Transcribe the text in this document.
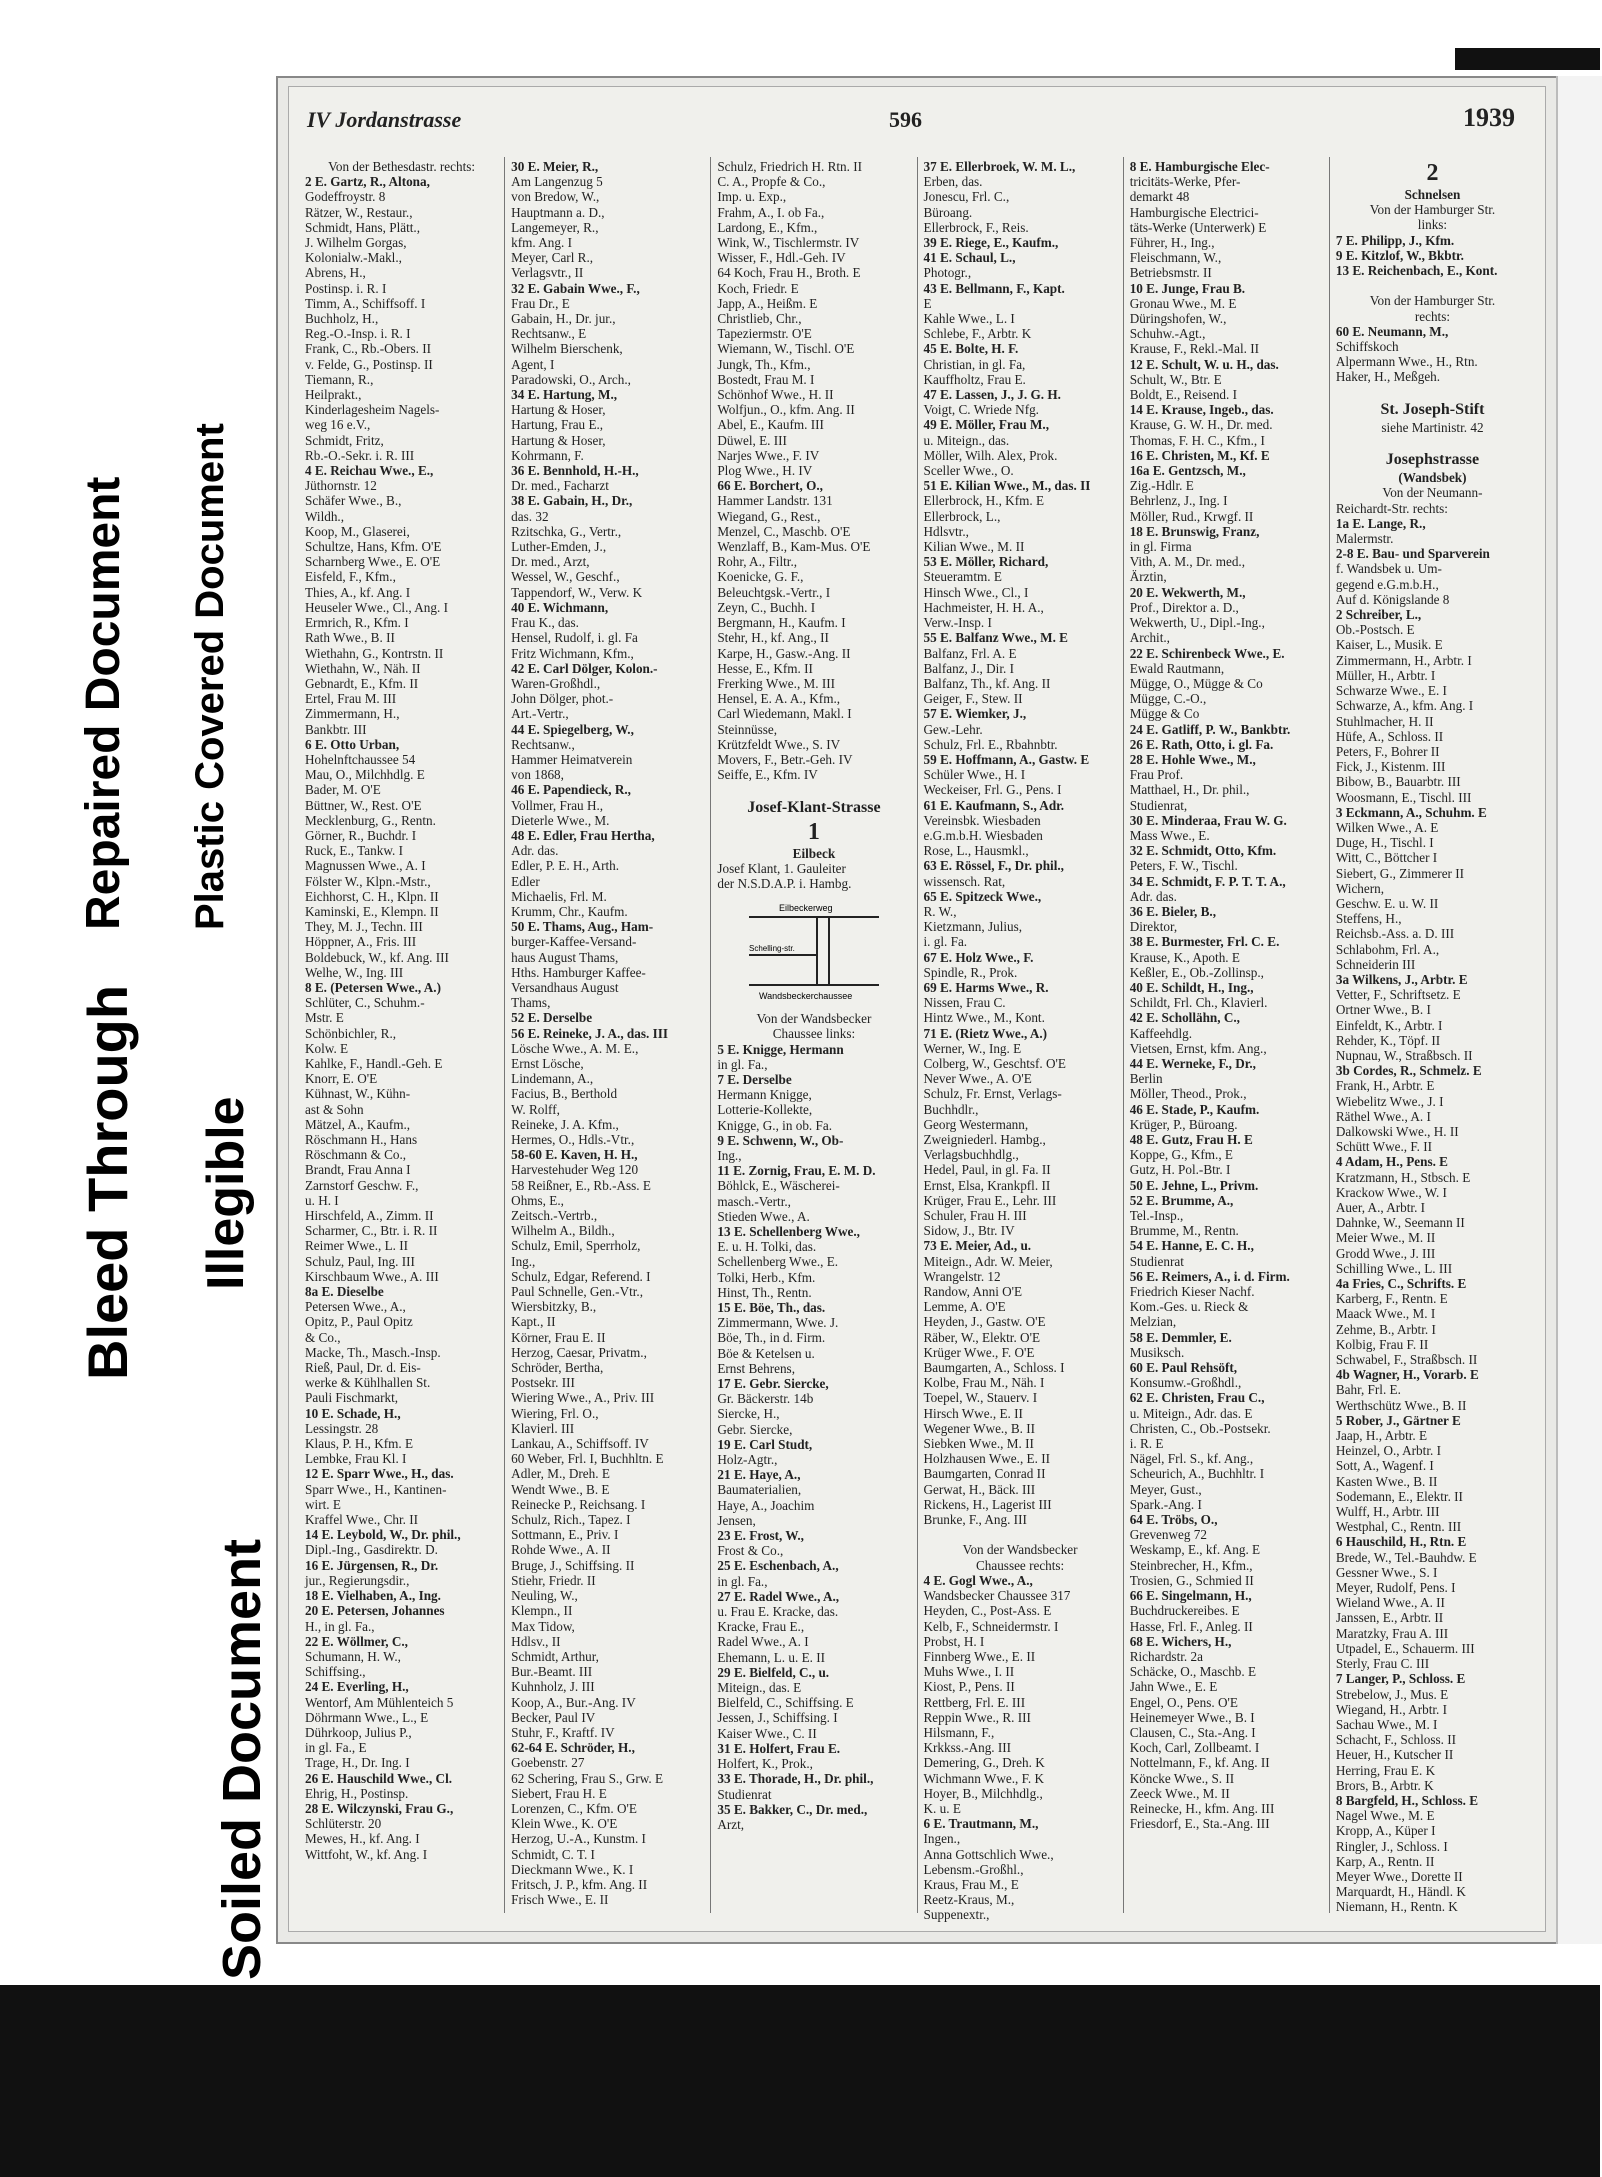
Bleed Through
Repaired Document Plastic Covered Document
Illegible
Soiled Document
IV Jordanstrasse	596	1939
Von der Bethesdastr. rechts:
2 E. Gartz, R., Altona,
Godeffroystr. 8
Rätzer, W., Restaur.,
Schmidt, Hans, Plätt.,
J. Wilhelm Gorgas,
Kolonialw.-Makl.,
Abrens, H.,
Postinsp. i. R. I
Timm, A., Schiffsoff. I
Buchholz, H.,
Reg.-O.-Insp. i. R. I
Frank, C., Rb.-Obers. II
v. Felde, G., Postinsp. II
Tiemann, R.,
Heilprakt.,
Kinderlagesheim Nagels-
weg 16 e.V.,
Schmidt, Fritz,
Rb.-O.-Sekr. i. R. III
4 E. Reichau Wwe., E.,
Jüthornstr. 12
Schäfer Wwe., B.,
Wildh.,
Koop, M., Glaserei,
Schultze, Hans, Kfm. O'E
Scharnberg Wwe., E. O'E
Eisfeld, F., Kfm.,
Thies, A., kf. Ang. I
Heuseler Wwe., Cl., Ang. I
Ermrich, R., Kfm. I
Rath Wwe., B. II
Wiethahn, G., Kontrstn. II
Wiethahn, W., Näh. II
Gebnardt, E., Kfm. II
Ertel, Frau M. III
Zimmermann, H.,
Bankbtr. III
6 E. Otto Urban,
Hohelnftchaussee 54
Mau, O., Milchhdlg. E
Bader, M. O'E
Büttner, W., Rest. O'E
Mecklenburg, G., Rentn.
Görner, R., Buchdr. I
Ruck, E., Tankw. I
Magnussen Wwe., A. I
Fölster W., Klpn.-Mstr.,
Eichhorst, C. H., Klpn. II
Kaminski, E., Klempn. II
They, M. J., Techn. III
Höppner, A., Fris. III
Boldebuck, W., kf. Ang. III
Welhe, W., Ing. III
8 E. (Petersen Wwe., A.)
Schlüter, C., Schuhm.-
Mstr. E
Schönbichler, R.,
Kolw. E
Kahlke, F., Handl.-Geh. E
Knorr, E. O'E
Kühnast, W., Kühn-
ast & Sohn
Mätzel, A., Kaufm.,
Röschmann H., Hans
Röschmann & Co.,
Brandt, Frau Anna I
Zarnstorf Geschw. F.,
u. H. I
Hirschfeld, A., Zimm. II
Scharmer, C., Btr. i. R. II
Reimer Wwe., L. II
Schulz, Paul, Ing. III
Kirschbaum Wwe., A. III
8a E. Dieselbe
Petersen Wwe., A.,
Opitz, P., Paul Opitz
& Co.,
Macke, Th., Masch.-Insp.
Rieß, Paul, Dr. d. Eis-
werke & Kühlhallen St.
Pauli Fischmarkt,
10 E. Schade, H.,
Lessingstr. 28
Klaus, P. H., Kfm. E
Lembke, Frau Kl. I
12 E. Sparr Wwe., H., das.
Sparr Wwe., H., Kantinen-
wirt. E
Kraffel Wwe., Chr. II
14 E. Leybold, W., Dr. phil.,
Dipl.-Ing., Gasdirektr. D.
16 E. Jürgensen, R., Dr.
jur., Regierungsdir.,
18 E. Vielhaben, A., Ing.
20 E. Petersen, Johannes
H., in gl. Fa.,
22 E. Wöllmer, C.,
Schumann, H. W.,
Schiffsing.,
24 E. Everling, H.,
Wentorf, Am Mühlenteich 5
Döhrmann Wwe., L., E
Dührkoop, Julius P.,
in gl. Fa., E
Trage, H., Dr. Ing. I
26 E. Hauschild Wwe., Cl.
Ehrig, H., Postinsp.
28 E. Wilczynski, Frau G.,
Schlüterstr. 20
Mewes, H., kf. Ang. I
Wittfoht, W., kf. Ang. I
30 E. Meier, R.,
Am Langenzug 5
von Bredow, W.,
Hauptmann a. D.,
Langemeyer, R.,
kfm. Ang. I
Meyer, Carl R.,
Verlagsvtr., II
32 E. Gabain Wwe., F.,
Frau Dr., E
Gabain, H., Dr. jur.,
Rechtsanw., E
Wilhelm Bierschenk,
Agent, I
Paradowski, O., Arch.,
34 E. Hartung, M.,
Hartung & Hoser,
Hartung, Frau E.,
Hartung & Hoser,
Kohrmann, F.
36 E. Bennhold, H.-H.,
Dr. med., Facharzt
38 E. Gabain, H., Dr.,
das. 32
Rzitschka, G., Vertr.,
Luther-Emden, J.,
Dr. med., Arzt,
Wessel, W., Geschf.,
Tappendorf, W., Verw. K
40 E. Wichmann,
Frau K., das.
Hensel, Rudolf, i. gl. Fa
Fritz Wichmann, Kfm.,
42 E. Carl Dölger, Kolon.-
Waren-Großhdl.,
John Dölger, phot.-
Art.-Vertr.,
44 E. Spiegelberg, W.,
Rechtsanw.,
Hammer Heimatverein
von 1868,
46 E. Papendieck, R.,
Vollmer, Frau H.,
Dieterle Wwe., M.
48 E. Edler, Frau Hertha,
Adr. das.
Edler, P. E. H., Arth.
Edler
Michaelis, Frl. M.
Krumm, Chr., Kaufm.
50 E. Thams, Aug., Ham-
burger-Kaffee-Versand-
haus August Thams,
Hths. Hamburger Kaffee-
Versandhaus August
Thams,
52 E. Derselbe
56 E. Reineke, J. A., das. III
Lösche Wwe., A. M. E.,
Ernst Lösche,
Lindemann, A.,
Facius, B., Berthold
W. Rolff,
Reineke, J. A. Kfm.,
Hermes, O., Hdls.-Vtr.,
58-60 E. Kaven, H. H.,
Harvestehuder Weg 120
58 Reißner, E., Rb.-Ass. E
Ohms, E.,
Zeitsch.-Vertrb.,
Wilhelm A., Bildh.,
Schulz, Emil, Sperrholz,
Ing.,
Schulz, Edgar, Referend. I
Paul Schnelle, Gen.-Vtr.,
Wiersbitzky, B.,
Kapt., II
Körner, Frau E. II
Herzog, Caesar, Privatm.,
Schröder, Bertha,
Postsekr. III
Wiering Wwe., A., Priv. III
Wiering, Frl. O.,
Klavierl. III
Lankau, A., Schiffsoff. IV
60 Weber, Frl. I, Buchhltn. E
Adler, M., Dreh. E
Wendt Wwe., B. E
Reinecke P., Reichsang. I
Schulz, Rich., Tapez. I
Sottmann, E., Priv. I
Rohde Wwe., A. II
Bruge, J., Schiffsing. II
Stiehr, Friedr. II
Neuling, W.,
Klempn., II
Max Tidow,
Hdlsv., II
Schmidt, Arthur,
Bur.-Beamt. III
Kuhnholz, J. III
Koop, A., Bur.-Ang. IV
Becker, Paul IV
Stuhr, F., Kraftf. IV
62-64 E. Schröder, H.,
Goebenstr. 27
62 Schering, Frau S., Grw. E
Siebert, Frau H. E
Lorenzen, C., Kfm. O'E
Klein Wwe., K. O'E
Herzog, U.-A., Kunstm. I
Schmidt, C. T. I
Dieckmann Wwe., K. I
Fritsch, J. P., kfm. Ang. II
Frisch Wwe., E. II
Schulz, Friedrich H. Rtn. II
C. A., Propfe & Co.,
Imp. u. Exp.,
Frahm, A., I. ob Fa.,
Lardong, E., Kfm.,
Wink, W., Tischlermstr. IV
Wisser, F., Hdl.-Geh. IV
64 Koch, Frau H., Broth. E
Koch, Friedr. E
Japp, A., Heißm. E
Christlieb, Chr.,
Tapeziermstr. O'E
Wiemann, W., Tischl. O'E
Jungk, Th., Kfm.,
Bostedt, Frau M. I
Schönhof Wwe., H. II
Wolfjun., O., kfm. Ang. II
Abel, E., Kaufm. III
Düwel, E. III
Narjes Wwe., F. IV
Plog Wwe., H. IV
66 E. Borchert, O.,
Hammer Landstr. 131
Wiegand, G., Rest.,
Menzel, C., Maschb. O'E
Wenzlaff, B., Kam-Mus. O'E
Rohr, A., Filtr.,
Koenicke, G. F.,
Beleuchtgsk.-Vertr., I
Zeyn, C., Buchh. I
Bergmann, H., Kaufm. I
Stehr, H., kf. Ang., II
Karpe, H., Gasw.-Ang. II
Hesse, E., Kfm. II
Frerking Wwe., M. III
Hensel, E. A. A., Kfm.,
Carl Wiedemann, Makl. I
Steinnüsse,
Krützfeldt Wwe., S. IV
Movers, F., Betr.-Geh. IV
Seiffe, E., Kfm. IV

Josef-Klant-Strasse
1
Eilbeck
Josef Klant, 1. Gauleiter
der N.S.D.A.P. i. Hambg.
Eilbeckerweg
Schelling-str.
Wandsbeckerchaussee
Von der Wandsbecker
Chaussee links:
5 E. Knigge, Hermann
in gl. Fa.,
7 E. Derselbe
Hermann Knigge,
Lotterie-Kollekte,
Knigge, G., in ob. Fa.
9 E. Schwenn, W., Ob-
Ing.,
11 E. Zornig, Frau, E. M. D.
Böhlck, E., Wäscherei-
masch.-Vertr.,
Stieden Wwe., A.
13 E. Schellenberg Wwe.,
E. u. H. Tolki, das.
Schellenberg Wwe., E.
Tolki, Herb., Kfm.
Hinst, Th., Rentn.
15 E. Böe, Th., das.
Zimmermann, Wwe. J.
Böe, Th., in d. Firm.
Böe & Ketelsen u.
Ernst Behrens,
17 E. Gebr. Siercke,
Gr. Bäckerstr. 14b
Siercke, H.,
Gebr. Siercke,
19 E. Carl Studt,
Holz-Agtr.,
21 E. Haye, A.,
Baumaterialien,
Haye, A., Joachim
Jensen,
23 E. Frost, W.,
Frost & Co.,
25 E. Eschenbach, A.,
in gl. Fa.,
27 E. Radel Wwe., A.,
u. Frau E. Kracke, das.
Kracke, Frau E.,
Radel Wwe., A. I
Ehemann, L. u. E. II
29 E. Bielfeld, C., u.
Miteign., das. E
Bielfeld, C., Schiffsing. E
Jessen, J., Schiffsing. I
Kaiser Wwe., C. II
31 E. Holfert, Frau E.
Holfert, K., Prok.,
33 E. Thorade, H., Dr. phil.,
Studienrat
35 E. Bakker, C., Dr. med.,
Arzt,
37 E. Ellerbroek, W. M. L.,
Erben, das.
Jonescu, Frl. C.,
Büroang.
Ellerbrock, F., Reis.
39 E. Riege, E., Kaufm.,
41 E. Schaul, L.,
Photogr.,
43 E. Bellmann, F., Kapt.
E
Kahle Wwe., L. I
Schlebe, F., Arbtr. K
45 E. Bolte, H. F.
Christian, in gl. Fa,
Kauffholtz, Frau E.
47 E. Lassen, J., J. G. H.
Voigt, C. Wriede Nfg.
49 E. Möller, Frau M.,
u. Miteign., das.
Möller, Wilh. Alex, Prok.
Sceller Wwe., O.
51 E. Kilian Wwe., M., das. II
Ellerbrock, H., Kfm. E
Ellerbrock, L.,
Hdlsvtr.,
Kilian Wwe., M. II
53 E. Möller, Richard,
Steueramtm. E
Hinsch Wwe., Cl., I
Hachmeister, H. H. A.,
Verw.-Insp. I
55 E. Balfanz Wwe., M. E
Balfanz, Frl. A. E
Balfanz, J., Dir. I
Balfanz, Th., kf. Ang. II
Geiger, F., Stew. II
57 E. Wiemker, J.,
Gew.-Lehr.
Schulz, Frl. E., Rbahnbtr.
59 E. Hoffmann, A., Gastw. E
Schüler Wwe., H. I
Weckeiser, Frl. G., Pens. I
61 E. Kaufmann, S., Adr.
Vereinsbk. Wiesbaden
e.G.m.b.H. Wiesbaden
Rose, L., Hausmkl.,
63 E. Rössel, F., Dr. phil.,
wissensch. Rat,
65 E. Spitzeck Wwe.,
R. W.,
Kietzmann, Julius,
i. gl. Fa.
67 E. Holz Wwe., F.
Spindle, R., Prok.
69 E. Harms Wwe., R.
Nissen, Frau C.
Hintz Wwe., M., Kont.
71 E. (Rietz Wwe., A.)
Werner, W., Ing. E
Colberg, W., Geschtsf. O'E
Never Wwe., A. O'E
Schulz, Fr. Ernst, Verlags-
Buchhdlr.,
Georg Westermann,
Zweigniederl. Hambg.,
Verlagsbuchhdlg.,
Hedel, Paul, in gl. Fa. II
Ernst, Elsa, Krankpfl. II
Krüger, Frau E., Lehr. III
Schuler, Frau H. III
Sidow, J., Btr. IV
73 E. Meier, Ad., u.
Miteign., Adr. W. Meier,
Wrangelstr. 12
Randow, Anni O'E
Lemme, A. O'E
Heyden, J., Gastw. O'E
Räber, W., Elektr. O'E
Krüger Wwe., F. O'E
Baumgarten, A., Schloss. I
Kolbe, Frau M., Näh. I
Toepel, W., Stauerv. I
Hirsch Wwe., E. II
Wegener Wwe., B. II
Siebken Wwe., M. II
Holzhausen Wwe., E. II
Baumgarten, Conrad II
Gerwat, H., Bäck. III
Rickens, H., Lagerist III
Brunke, F., Ang. III

Von der Wandsbecker
Chaussee rechts:
4 E. Gogl Wwe., A.,
Wandsbecker Chaussee 317
Heyden, C., Post-Ass. E
Kelb, F., Schneidermstr. I
Probst, H. I
Finnberg Wwe., E. II
Muhs Wwe., I. II
Kiost, P., Pens. II
Rettberg, Frl. E. III
Reppin Wwe., R. III
Hilsmann, F.,
Krkkss.-Ang. III
Demering, G., Dreh. K
Wichmann Wwe., F. K
Hoyer, B., Milchhdlg.,
K. u. E
6 E. Trautmann, M.,
Ingen.,
Anna Gottschlich Wwe.,
Lebensm.-Großhl.,
Kraus, Frau M., E
Reetz-Kraus, M.,
Suppenextr.,
8 E. Hamburgische Elec-
tricitäts-Werke, Pfer-
demarkt 48
Hamburgische Electrici-
täts-Werke (Unterwerk) E
Führer, H., Ing.,
Fleischmann, W.,
Betriebsmstr. II
10 E. Junge, Frau B.
Gronau Wwe., M. E
Düringshofen, W.,
Schuhw.-Agt.,
Krause, F., Rekl.-Mal. II
12 E. Schult, W. u. H., das.
Schult, W., Btr. E
Boldt, E., Reisend. I
14 E. Krause, Ingeb., das.
Krause, G. W. H., Dr. med.
Thomas, F. H. C., Kfm., I
16 E. Christen, M., Kf. E
16a E. Gentzsch, M.,
Zig.-Hdlr. E
Behrlenz, J., Ing. I
Möller, Rud., Krwgf. II
18 E. Brunswig, Franz,
in gl. Firma
Vith, A. M., Dr. med.,
Ärztin,
20 E. Wekwerth, M.,
Prof., Direktor a. D.,
Wekwerth, U., Dipl.-Ing.,
Archit.,
22 E. Schirenbeck Wwe., E.
Ewald Rautmann,
Mügge, O., Mügge & Co
Mügge, C.-O.,
Mügge & Co
24 E. Gatliff, P. W., Bankbtr.
26 E. Rath, Otto, i. gl. Fa.
28 E. Hohle Wwe., M.,
Frau Prof.
Matthael, H., Dr. phil.,
Studienrat,
30 E. Minderaa, Frau W. G.
Mass Wwe., E.
32 E. Schmidt, Otto, Kfm.
Peters, F. W., Tischl.
34 E. Schmidt, F. P. T. T. A.,
Adr. das.
36 E. Bieler, B.,
Direktor,
38 E. Burmester, Frl. C. E.
Krause, K., Apoth. E
Keßler, E., Ob.-Zollinsp.,
40 E. Schildt, H., Ing.,
Schildt, Frl. Ch., Klavierl.
42 E. Schollähn, C.,
Kaffeehdlg.
Vietsen, Ernst, kfm. Ang.,
44 E. Werneke, F., Dr.,
Berlin
Möller, Theod., Prok.,
46 E. Stade, P., Kaufm.
Krüger, P., Büroang.
48 E. Gutz, Frau H. E
Koppe, G., Kfm., E
Gutz, H. Pol.-Btr. I
50 E. Jehne, L., Privm.
52 E. Brumme, A.,
Tel.-Insp.,
Brumme, M., Rentn.
54 E. Hanne, E. C. H.,
Studienrat
56 E. Reimers, A., i. d. Firm.
Friedrich Kieser Nachf.
Kom.-Ges. u. Rieck &
Melzian,
58 E. Demmler, E.
Musiksch.
60 E. Paul Rehsöft,
Konsumw.-Großhdl.,
62 E. Christen, Frau C.,
u. Miteign., Adr. das. E
Christen, C., Ob.-Postsekr.
i. R. E
Nägel, Frl. S., kf. Ang.,
Scheurich, A., Buchhltr. I
Meyer, Gust.,
Spark.-Ang. I
64 E. Tröbs, O.,
Grevenweg 72
Weskamp, E., kf. Ang. E
Steinbrecher, H., Kfm.,
Trosien, G., Schmied II
66 E. Singelmann, H.,
Buchdruckereibes. E
Hasse, Frl. F., Anleg. II
68 E. Wichers, H.,
Richardstr. 2a
Schäcke, O., Maschb. E
Jahn Wwe., E. E
Engel, O., Pens. O'E
Heinemeyer Wwe., B. I
Clausen, C., Sta.-Ang. I
Koch, Carl, Zollbeamt. I
Nottelmann, F., kf. Ang. II
Köncke Wwe., S. II
Zeeck Wwe., M. II
Reinecke, H., kfm. Ang. III
Friesdorf, E., Sta.-Ang. III
2
Schnelsen
Von der Hamburger Str.
links:
7 E. Philipp, J., Kfm.
9 E. Kitzlof, W., Bkbtr.
13 E. Reichenbach, E., Kont.

Von der Hamburger Str.
rechts:
60 E. Neumann, M.,
Schiffskoch
Alpermann Wwe., H., Rtn.
Haker, H., Meßgeh.

St. Joseph-Stift
siehe Martinistr. 42

Josephstrasse
(Wandsbek)
Von der Neumann-
Reichardt-Str. rechts:
1a E. Lange, R.,
Malermstr.
2-8 E. Bau- und Sparverein
f. Wandsbek u. Um-
gegend e.G.m.b.H.,
Auf d. Königslande 8
2 Schreiber, L.,
Ob.-Postsch. E
Kaiser, L., Musik. E
Zimmermann, H., Arbtr. I
Müller, H., Arbtr. I
Schwarze Wwe., E. I
Schwarze, A., kfm. Ang. I
Stuhlmacher, H. II
Hüfe, A., Schloss. II
Peters, F., Bohrer II
Fick, J., Kistenm. III
Bibow, B., Bauarbtr. III
Woosmann, E., Tischl. III
3 Eckmann, A., Schuhm. E
Wilken Wwe., A. E
Duge, H., Tischl. I
Witt, C., Böttcher I
Siebert, G., Zimmerer II
Wichern,
Geschw. E. u. W. II
Steffens, H.,
Reichsb.-Ass. a. D. III
Schlabohm, Frl. A.,
Schneiderin III
3a Wilkens, J., Arbtr. E
Vetter, F., Schriftsetz. E
Ortner Wwe., B. I
Einfeldt, K., Arbtr. I
Rehder, K., Töpf. II
Nupnau, W., Straßbsch. II
3b Cordes, R., Schmelz. E
Frank, H., Arbtr. E
Wiebelitz Wwe., J. I
Räthel Wwe., A. I
Dalkowski Wwe., H. II
Schütt Wwe., F. II
4 Adam, H., Pens. E
Kratzmann, H., Stbsch. E
Krackow Wwe., W. I
Auer, A., Arbtr. I
Dahnke, W., Seemann II
Meier Wwe., M. II
Grodd Wwe., J. III
Schilling Wwe., L. III
4a Fries, C., Schrifts. E
Karberg, F., Rentn. E
Maack Wwe., M. I
Zehme, B., Arbtr. I
Kolbig, Frau F. II
Schwabel, F., Straßbsch. II
4b Wagner, H., Vorarb. E
Bahr, Frl. E.
Werthschütz Wwe., B. II
5 Rober, J., Gärtner E
Jaap, H., Arbtr. E
Heinzel, O., Arbtr. I
Sott, A., Wagenf. I
Kasten Wwe., B. II
Sodemann, E., Elektr. II
Wulff, H., Arbtr. III
Westphal, C., Rentn. III
6 Hauschild, H., Rtn. E
Brede, W., Tel.-Bauhdw. E
Gessner Wwe., S. I
Meyer, Rudolf, Pens. I
Wieland Wwe., A. II
Janssen, E., Arbtr. II
Maratzky, Frau A. III
Utpadel, E., Schauerm. III
Sterly, Frau C. III
7 Langer, P., Schloss. E
Strebelow, J., Mus. E
Wiegand, H., Arbtr. I
Sachau Wwe., M. I
Schacht, F., Schloss. II
Heuer, H., Kutscher II
Herring, Frau E. K
Brors, B., Arbtr. K
8 Bargfeld, H., Schloss. E
Nagel Wwe., M. E
Kropp, A., Küper I
Ringler, J., Schloss. I
Karp, A., Rentn. II
Meyer Wwe., Dorette II
Marquardt, H., Händl. K
Niemann, H., Rentn. K
